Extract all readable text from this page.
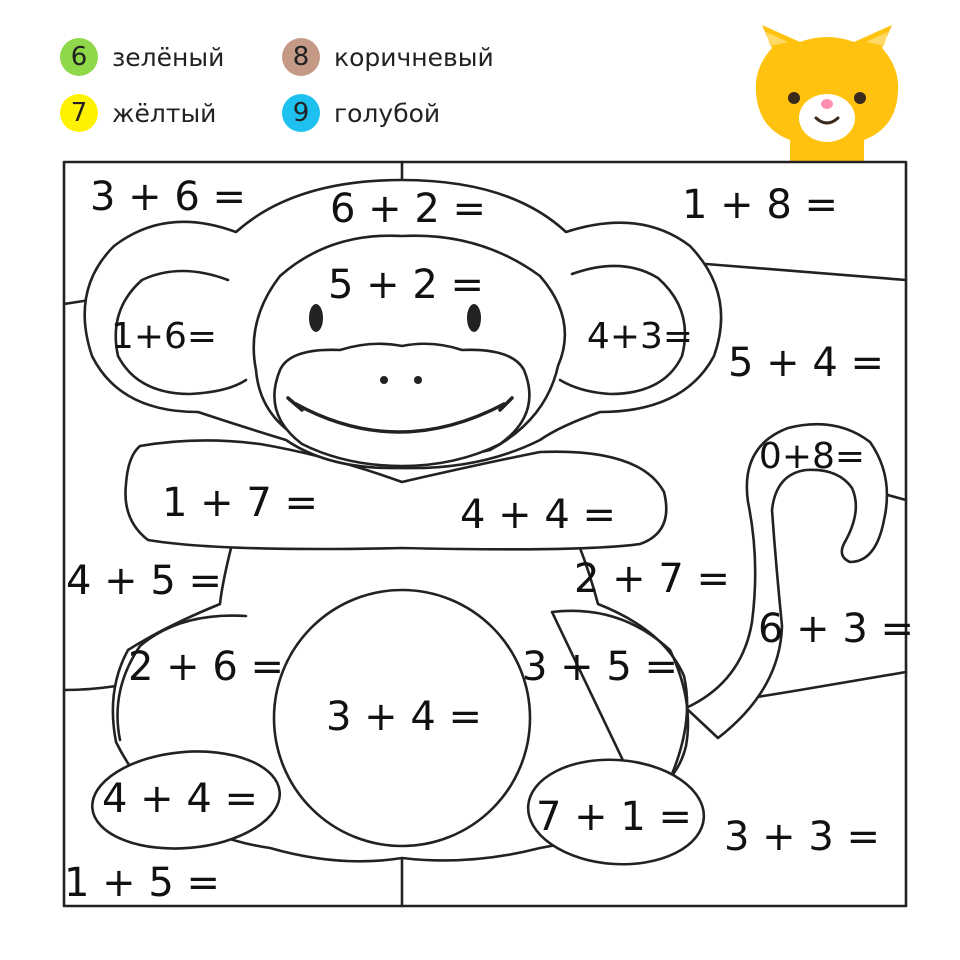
6 зелёный
7 жёлтый
8 коричневый
9 голубой
3 + 6 = 6 + 2 =	1 + 8 =
5 + 2 =
1+6=	4+3=
5 + 4 =
0+8=
1 + 7 =	4 + 4 =
4 + 5 =	2 + 7 =
6 + 3 =
2 + 6 =	3 + 5 =
3 + 4 =
4 + 4 =	7 + 1 = 3 + 3 =
1 + 5 =
